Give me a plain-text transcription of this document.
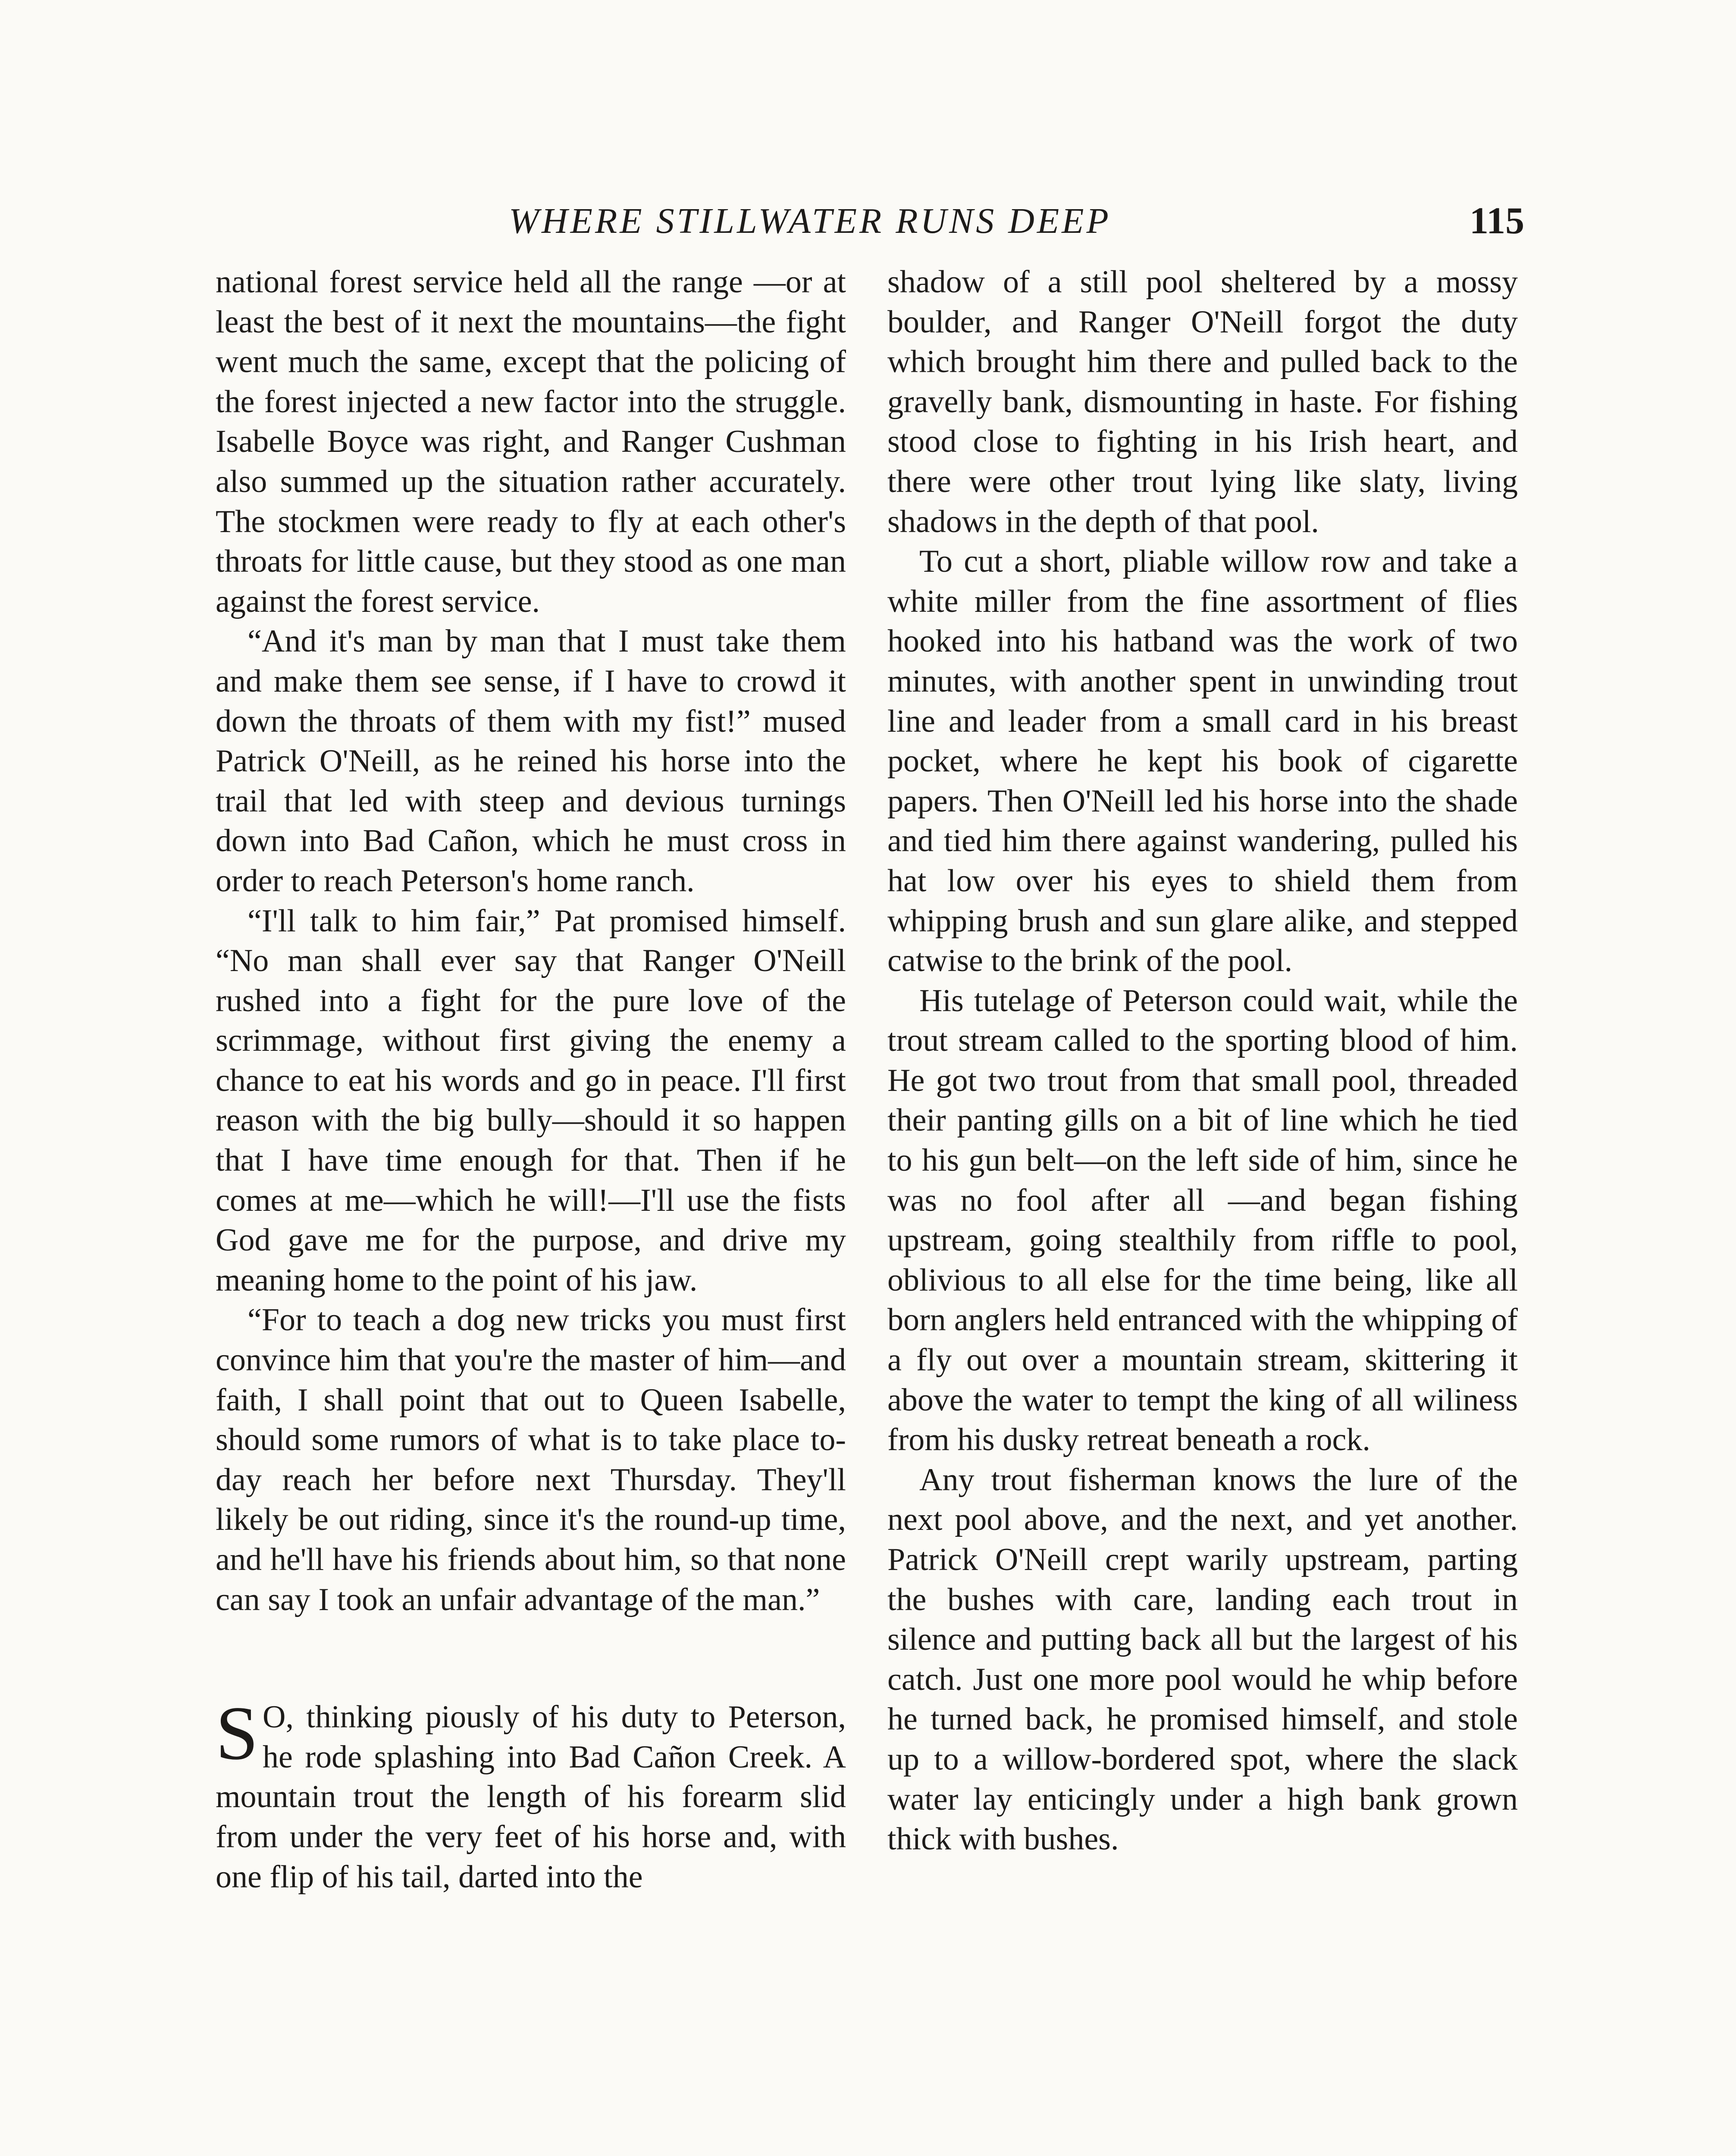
WHERE STILLWATER RUNS DEEP	115

national forest service held all the range —or at least the best of it next the mountains—the fight went much the same, except that the policing of the forest injected a new factor into the struggle. Isabelle Boyce was right, and Ranger Cushman also summed up the situation rather accurately. The stockmen were ready to fly at each other's throats for little cause, but they stood as one man against the forest service.

“And it's man by man that I must take them and make them see sense, if I have to crowd it down the throats of them with my fist!” mused Patrick O'Neill, as he reined his horse into the trail that led with steep and devious turnings down into Bad Cañon, which he must cross in order to reach Peterson's home ranch.

“I'll talk to him fair,” Pat promised himself. “No man shall ever say that Ranger O'Neill rushed into a fight for the pure love of the scrimmage, without first giving the enemy a chance to eat his words and go in peace. I'll first reason with the big bully—should it so happen that I have time enough for that. Then if he comes at me—which he will!—I'll use the fists God gave me for the purpose, and drive my meaning home to the point of his jaw.

“For to teach a dog new tricks you must first convince him that you're the master of him—and faith, I shall point that out to Queen Isabelle, should some rumors of what is to take place to-day reach her before next Thursday. They'll likely be out riding, since it's the round-up time, and he'll have his friends about him, so that none can say I took an unfair advantage of the man.”

S O, thinking piously of his duty to Peterson, he rode splashing into Bad Cañon Creek. A mountain trout the length of his forearm slid from under the very feet of his horse and, with one flip of his tail, darted into the

shadow of a still pool sheltered by a mossy boulder, and Ranger O'Neill forgot the duty which brought him there and pulled back to the gravelly bank, dismounting in haste. For fishing stood close to fighting in his Irish heart, and there were other trout lying like slaty, living shadows in the depth of that pool.

To cut a short, pliable willow row and take a white miller from the fine assortment of flies hooked into his hatband was the work of two minutes, with another spent in unwinding trout line and leader from a small card in his breast pocket, where he kept his book of cigarette papers. Then O'Neill led his horse into the shade and tied him there against wandering, pulled his hat low over his eyes to shield them from whipping brush and sun glare alike, and stepped catwise to the brink of the pool.

His tutelage of Peterson could wait, while the trout stream called to the sporting blood of him. He got two trout from that small pool, threaded their panting gills on a bit of line which he tied to his gun belt—on the left side of him, since he was no fool after all —and began fishing upstream, going stealthily from riffle to pool, oblivious to all else for the time being, like all born anglers held entranced with the whipping of a fly out over a mountain stream, skittering it above the water to tempt the king of all wiliness from his dusky retreat beneath a rock.

Any trout fisherman knows the lure of the next pool above, and the next, and yet another. Patrick O'Neill crept warily upstream, parting the bushes with care, landing each trout in silence and putting back all but the largest of his catch. Just one more pool would he whip before he turned back, he promised himself, and stole up to a willow-bordered spot, where the slack water lay enticingly under a high bank grown thick with bushes.
